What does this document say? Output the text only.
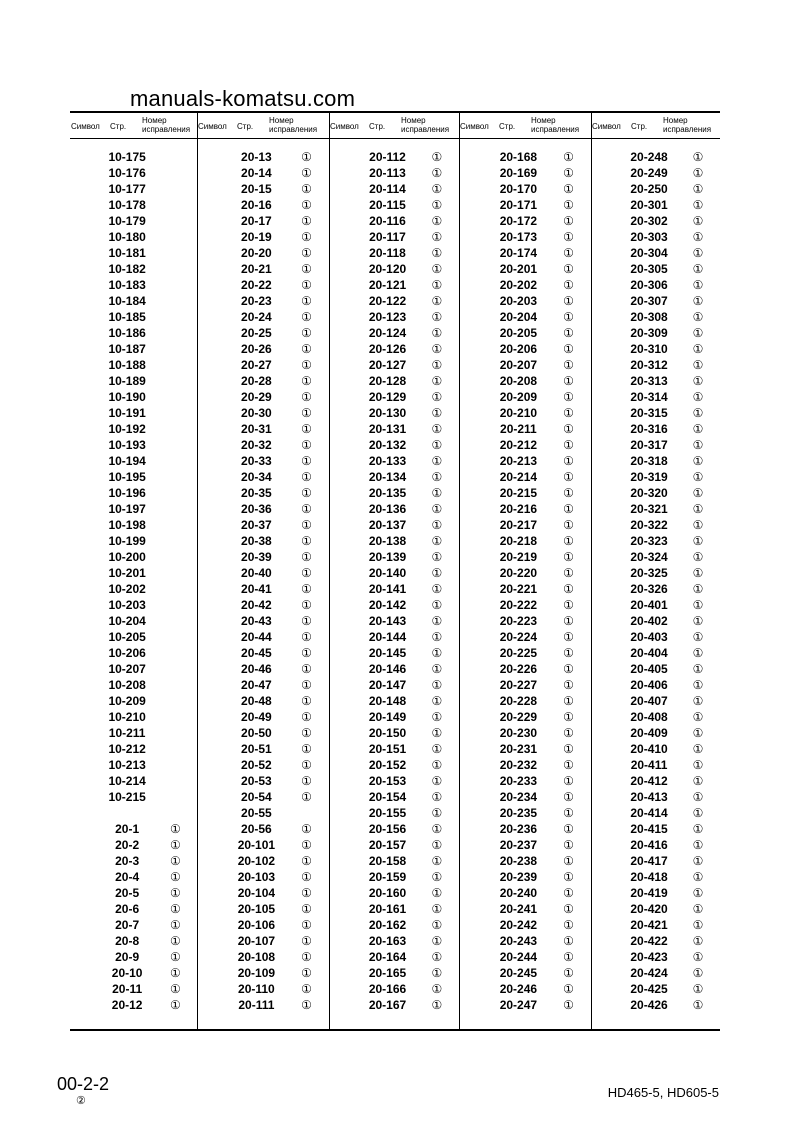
manuals-komatsu.com
Символ Стр.
Номер исправления
10-175
10-176
10-177
10-178
10-179
10-180
10-181
10-182
10-183
10-184
10-185
10-186
10-187
10-188
10-189
10-190
10-191
10-192
10-193
10-194
10-195
10-196
10-197
10-198
10-199
10-200
10-201
10-202
10-203
10-204
10-205
10-206
10-207
10-208
10-209
10-210
10-211
10-212
10-213
10-214
10-215
20-1	①
20-2	①
20-3	①
20-4	①
20-5	①
20-6	①
20-7	①
20-8	①
20-9	①
20-10	①
20-11	①
20-12	①
Символ Стр.
Номер исправления
20-13	①
20-14	①
20-15	①
20-16	①
20-17	①
20-19	①
20-20	①
20-21	①
20-22	①
20-23	①
20-24	①
20-25	①
20-26	①
20-27	①
20-28	①
20-29	①
20-30	①
20-31	①
20-32	①
20-33	①
20-34	①
20-35	①
20-36	①
20-37	①
20-38	①
20-39	①
20-40	①
20-41	①
20-42	①
20-43	①
20-44	①
20-45	①
20-46	①
20-47	①
20-48	①
20-49	①
20-50	①
20-51	①
20-52	①
20-53	①
20-54	①
20-55
20-56	①
20-101	①
20-102	①
20-103	①
20-104	①
20-105	①
20-106	①
20-107	①
20-108	①
20-109	①
20-110	①
20-111	①
Символ Стр.
Номер исправления
20-112	①
20-113	①
20-114	①
20-115	①
20-116	①
20-117	①
20-118	①
20-120	①
20-121	①
20-122	①
20-123	①
20-124	①
20-126	①
20-127	①
20-128	①
20-129	①
20-130	①
20-131	①
20-132	①
20-133	①
20-134	①
20-135	①
20-136	①
20-137	①
20-138	①
20-139	①
20-140	①
20-141	①
20-142	①
20-143	①
20-144	①
20-145	①
20-146	①
20-147	①
20-148	①
20-149	①
20-150	①
20-151	①
20-152	①
20-153	①
20-154	①
20-155	①
20-156	①
20-157	①
20-158	①
20-159	①
20-160	①
20-161	①
20-162	①
20-163	①
20-164	①
20-165	①
20-166	①
20-167	①
Символ Стр.
Номер исправления
20-168	①
20-169	①
20-170	①
20-171	①
20-172	①
20-173	①
20-174	①
20-201	①
20-202	①
20-203	①
20-204	①
20-205	①
20-206	①
20-207	①
20-208	①
20-209	①
20-210	①
20-211	①
20-212	①
20-213	①
20-214	①
20-215	①
20-216	①
20-217	①
20-218	①
20-219	①
20-220	①
20-221	①
20-222	①
20-223	①
20-224	①
20-225	①
20-226	①
20-227	①
20-228	①
20-229	①
20-230	①
20-231	①
20-232	①
20-233	①
20-234	①
20-235	①
20-236	①
20-237	①
20-238	①
20-239	①
20-240	①
20-241	①
20-242	①
20-243	①
20-244	①
20-245	①
20-246	①
20-247	①
Символ Стр.
Номер исправления
20-248	①
20-249	①
20-250	①
20-301	①
20-302	①
20-303	①
20-304	①
20-305	①
20-306	①
20-307	①
20-308	①
20-309	①
20-310	①
20-312	①
20-313	①
20-314	①
20-315	①
20-316	①
20-317	①
20-318	①
20-319	①
20-320	①
20-321	①
20-322	①
20-323	①
20-324	①
20-325	①
20-326	①
20-401	①
20-402	①
20-403	①
20-404	①
20-405	①
20-406	①
20-407	①
20-408	①
20-409	①
20-410	①
20-411	①
20-412	①
20-413	①
20-414	①
20-415	①
20-416	①
20-417	①
20-418	①
20-419	①
20-420	①
20-421	①
20-422	①
20-423	①
20-424	①
20-425	①
20-426	①
00-2-2
②
HD465-5, HD605-5
